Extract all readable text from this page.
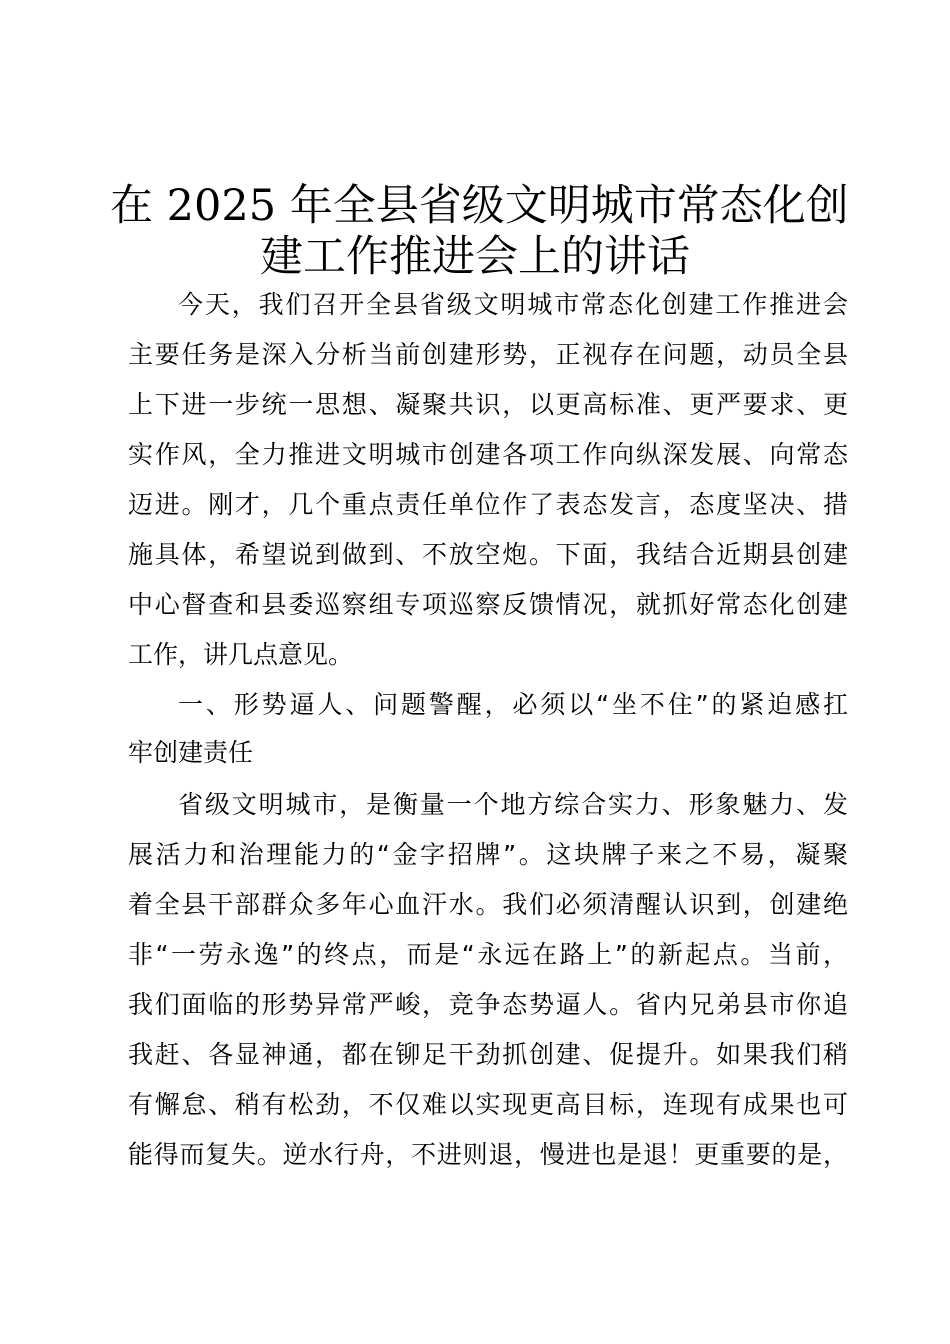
在 2025 年全县省级文明城市常态化创
建工作推进会上的讲话
今天，我们召开全县省级文明城市常态化创建工作推进会
主要任务是深入分析当前创建形势，正视存在问题，动员全县
上下进一步统一思想、凝聚共识，以更高标准、更严要求、更
实作风，全力推进文明城市创建各项工作向纵深发展、向常态
迈进。刚才，几个重点责任单位作了表态发言，态度坚决、措
施具体，希望说到做到、不放空炮。下面，我结合近期县创建
中心督查和县委巡察组专项巡察反馈情况，就抓好常态化创建
工作，讲几点意见。
一、形势逼人、问题警醒，必须以“坐不住”的紧迫感扛
牢创建责任
省级文明城市，是衡量一个地方综合实力、形象魅力、发
展活力和治理能力的“金字招牌”。这块牌子来之不易，凝聚
着全县干部群众多年心血汗水。我们必须清醒认识到，创建绝
非“一劳永逸”的终点，而是“永远在路上”的新起点。当前，
我们面临的形势异常严峻，竞争态势逼人。省内兄弟县市你追
我赶、各显神通，都在铆足干劲抓创建、促提升。如果我们稍
有懈怠、稍有松劲，不仅难以实现更高目标，连现有成果也可
能得而复失。逆水行舟，不进则退，慢进也是退！更重要的是，
